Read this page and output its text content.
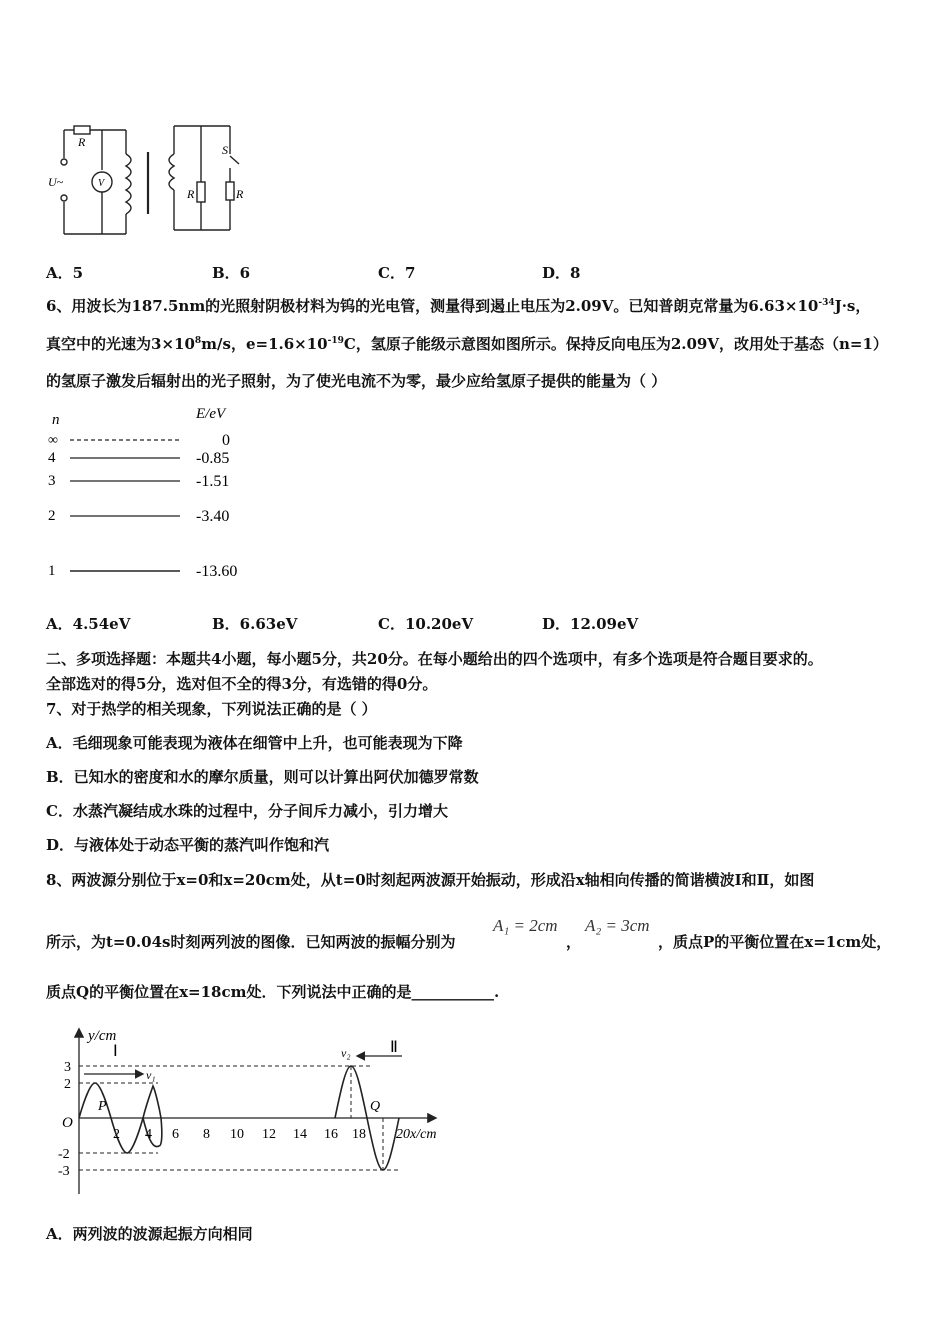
R
U~	V
S
R	R
A．5	B．6	C．7	D．8
6、用波长为187.5nm的光照射阴极材料为钨的光电管，测量得到遏止电压为2.09V。已知普朗克常量为$6.63\times 10^{-34}J\cdot s$，
真空中的光速为$3\times 10^8m/s$，$e=1.6\times 10^{-19}C$，氢原子能级示意图如图所示。保持反向电压为2.09V，改用处于基态（n=1）
的氢原子激发后辐射出的光子照射，为了使光电流不为零，最少应给氢原子提供的能量为（ ）
n	E/eV
∞	0
4	-0.85
3	-1.51
2	-3.40
1	-13.60
A．4.54eV	B．6.63eV	C．10.20eV	D．12.09eV
二、多项选择题：本题共4小题，每小题5分，共20分。在每小题给出的四个选项中，有多个选项是符合题目要求的。
全部选对的得5分，选对但不全的得3分，有选错的得0分。
7、对于热学的相关现象，下列说法正确的是（ ）
A．毛细现象可能表现为液体在细管中上升，也可能表现为下降
B．已知水的密度和水的摩尔质量，则可以计算出阿伏加德罗常数
C．水蒸汽凝结成水珠的过程中，分子间斥力减小，引力增大
D．与液体处于动态平衡的蒸汽叫作饱和汽
8、两波源分别位于x=0和x=20cm处，从t=0时刻起两波源开始振动，形成沿x轴相向传播的简谐横波Ⅰ和Ⅱ，如图
所示，为t=0.04s时刻两列波的图像．已知两波的振幅分别为
A₁ = 2cm
，
A₂ = 3cm
，质点P的平衡位置在x=1cm处，
质点Q的平衡位置在x=18cm处．下列说法中正确的是___________.
y/cm
Ⅰ	Ⅱ
v₁
v₂
P	Q
O
3
2
-2
-3
2 4 6 8 10 12 14 16 18 20x/cm
A．两列波的波源起振方向相同
